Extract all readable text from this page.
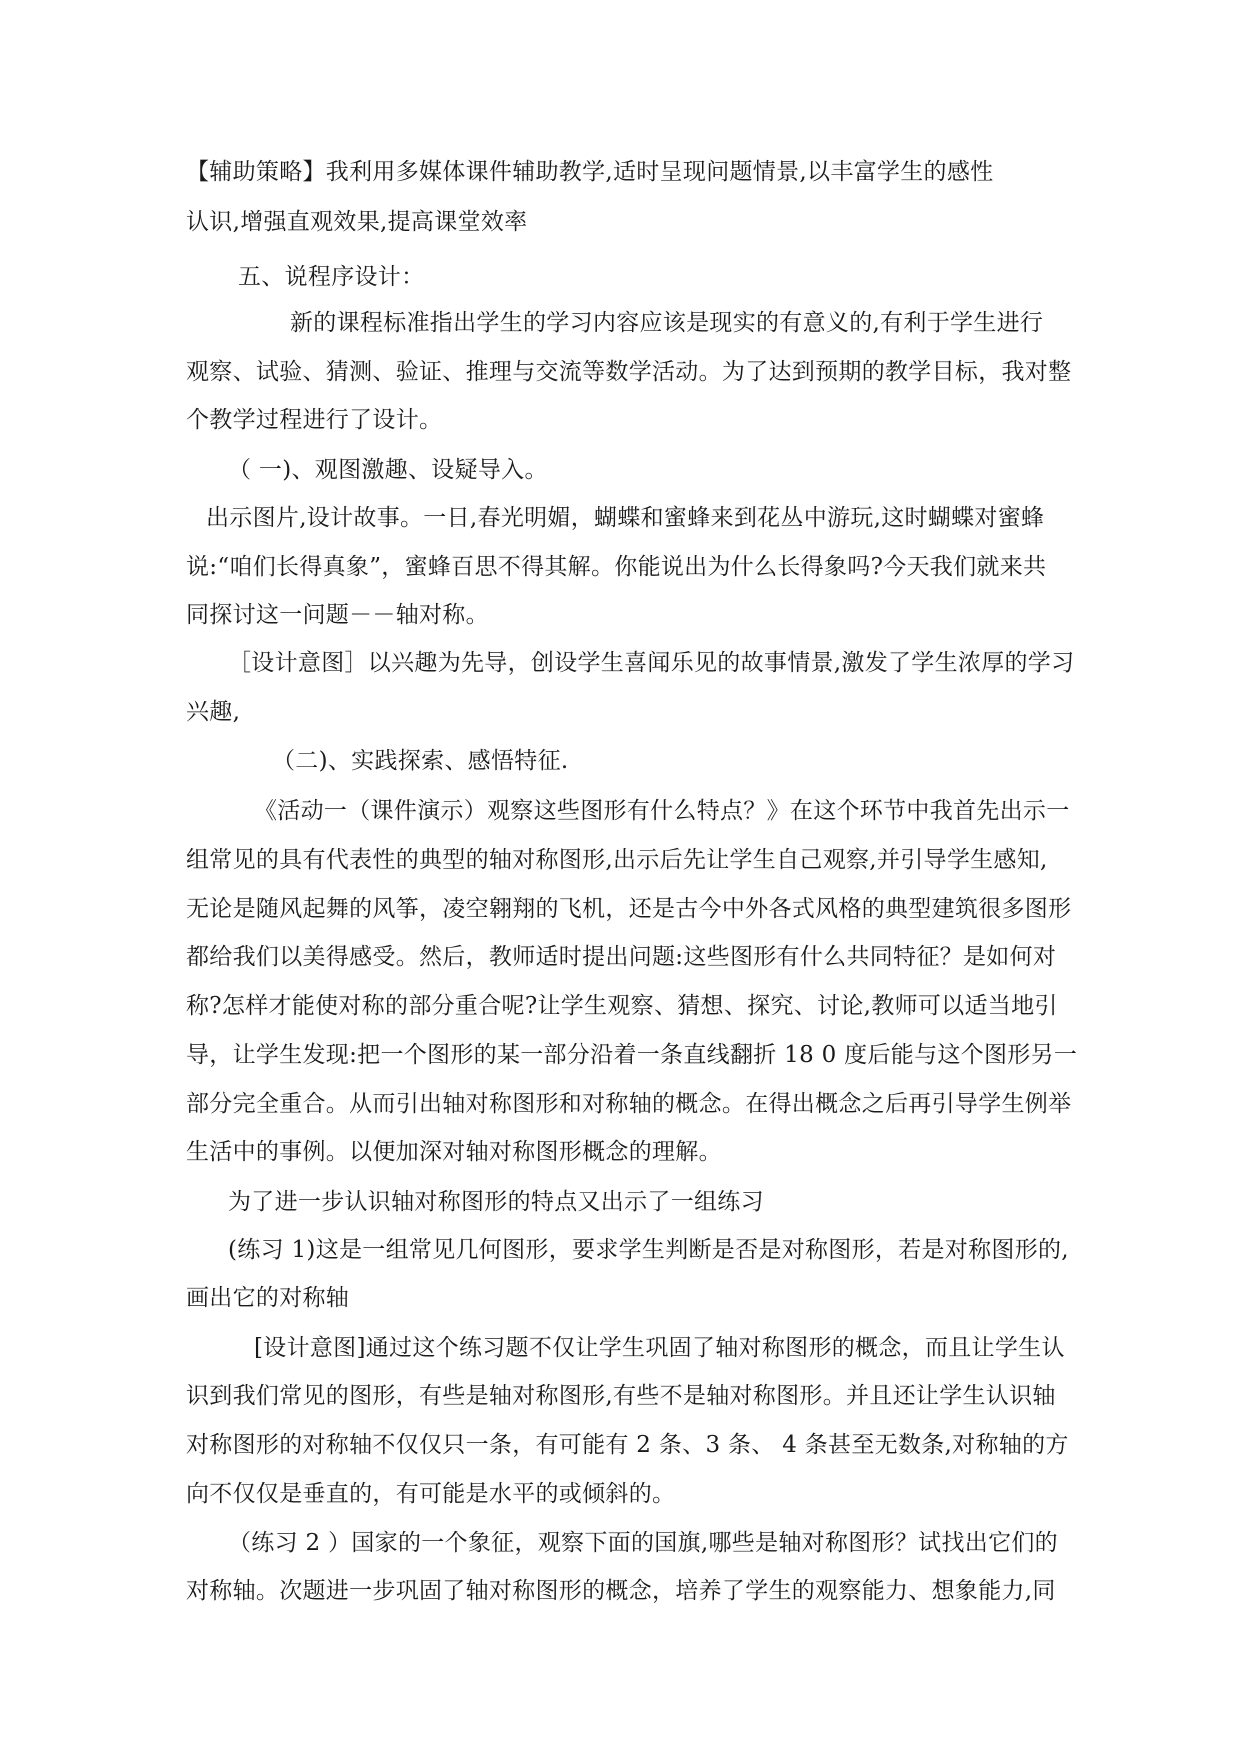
【辅助策略】我利用多媒体课件辅助教学,适时呈现问题情景,以丰富学生的感性
认识,增强直观效果,提高课堂效率
五、说程序设计：
新的课程标准指出学生的学习内容应该是现实的有意义的,有利于学生进行
观察、试验、猜测、验证、推理与交流等数学活动。为了达到预期的教学目标，我对整
个教学过程进行了设计。
（ 一)、观图激趣、设疑导入。
出示图片,设计故事。一日,春光明媚，蝴蝶和蜜蜂来到花丛中游玩,这时蝴蝶对蜜蜂
说:“咱们长得真象”，蜜蜂百思不得其解。你能说出为什么长得象吗?今天我们就来共
同探讨这一问题－－轴对称。
［设计意图］以兴趣为先导，创设学生喜闻乐见的故事情景,激发了学生浓厚的学习
兴趣,
（二)、实践探索、感悟特征.
《活动一（课件演示）观察这些图形有什么特点？》在这个环节中我首先出示一
组常见的具有代表性的典型的轴对称图形,出示后先让学生自己观察,并引导学生感知,
无论是随风起舞的风筝，凌空翱翔的飞机，还是古今中外各式风格的典型建筑很多图形
都给我们以美得感受。然后，教师适时提出问题:这些图形有什么共同特征？是如何对
称?怎样才能使对称的部分重合呢?让学生观察、猜想、探究、讨论,教师可以适当地引
导，让学生发现:把一个图形的某一部分沿着一条直线翻折 18 0 度后能与这个图形另一
部分完全重合。从而引出轴对称图形和对称轴的概念。在得出概念之后再引导学生例举
生活中的事例。以便加深对轴对称图形概念的理解。
为了进一步认识轴对称图形的特点又出示了一组练习
(练习 1)这是一组常见几何图形，要求学生判断是否是对称图形，若是对称图形的,
画出它的对称轴
[设计意图]通过这个练习题不仅让学生巩固了轴对称图形的概念，而且让学生认
识到我们常见的图形，有些是轴对称图形,有些不是轴对称图形。并且还让学生认识轴
对称图形的对称轴不仅仅只一条，有可能有 2 条、3 条、 4 条甚至无数条,对称轴的方
向不仅仅是垂直的，有可能是水平的或倾斜的。
（练习 2 ）国家的一个象征，观察下面的国旗,哪些是轴对称图形？试找出它们的
对称轴。次题进一步巩固了轴对称图形的概念，培养了学生的观察能力、想象能力,同
